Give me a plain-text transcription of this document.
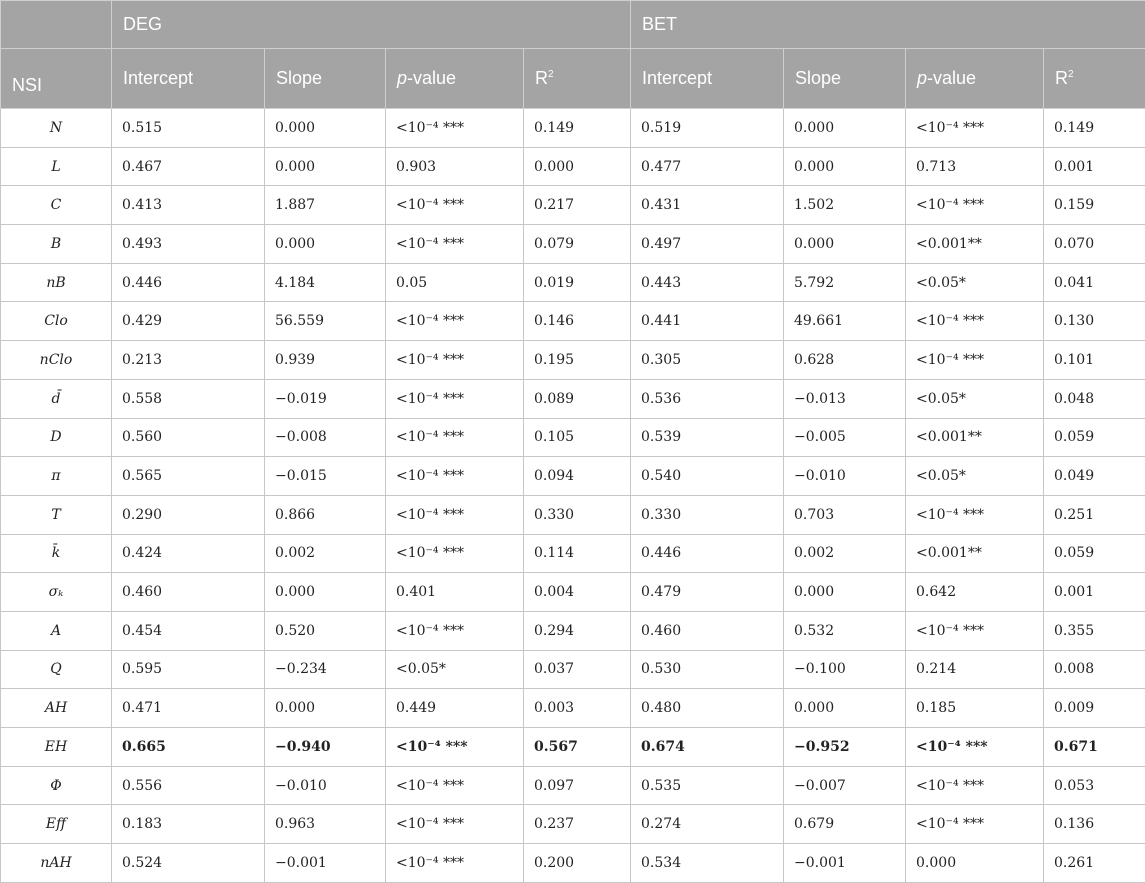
	DEG				BET			
NSI	Intercept	Slope	p-value	$R^2$	Intercept	Slope	p-value	$R^2$
N	0.515	0.000	<10⁻⁴ ***	0.149	0.519	0.000	<10⁻⁴ ***	0.149
L	0.467	0.000	0.903	0.000	0.477	0.000	0.713	0.001
C	0.413	1.887	<10⁻⁴ ***	0.217	0.431	1.502	<10⁻⁴ ***	0.159
B	0.493	0.000	<10⁻⁴ ***	0.079	0.497	0.000	<0.001**	0.070
nB	0.446	4.184	0.05	0.019	0.443	5.792	<0.05*	0.041
Clo	0.429	56.559	<10⁻⁴ ***	0.146	0.441	49.661	<10⁻⁴ ***	0.130
nClo	0.213	0.939	<10⁻⁴ ***	0.195	0.305	0.628	<10⁻⁴ ***	0.101
d̄	0.558	−0.019	<10⁻⁴ ***	0.089	0.536	−0.013	<0.05*	0.048
D	0.560	−0.008	<10⁻⁴ ***	0.105	0.539	−0.005	<0.001**	0.059
π	0.565	−0.015	<10⁻⁴ ***	0.094	0.540	−0.010	<0.05*	0.049
T	0.290	0.866	<10⁻⁴ ***	0.330	0.330	0.703	<10⁻⁴ ***	0.251
k̄	0.424	0.002	<10⁻⁴ ***	0.114	0.446	0.002	<0.001**	0.059
σₖ	0.460	0.000	0.401	0.004	0.479	0.000	0.642	0.001
A	0.454	0.520	<10⁻⁴ ***	0.294	0.460	0.532	<10⁻⁴ ***	0.355
Q	0.595	−0.234	<0.05*	0.037	0.530	−0.100	0.214	0.008
AH	0.471	0.000	0.449	0.003	0.480	0.000	0.185	0.009
EH	0.665	−0.940	<10⁻⁴ ***	0.567	0.674	−0.952	<10⁻⁴ ***	0.671
Φ	0.556	−0.010	<10⁻⁴ ***	0.097	0.535	−0.007	<10⁻⁴ ***	0.053
Eff	0.183	0.963	<10⁻⁴ ***	0.237	0.274	0.679	<10⁻⁴ ***	0.136
nAH	0.524	−0.001	<10⁻⁴ ***	0.200	0.534	−0.001	0.000	0.261
